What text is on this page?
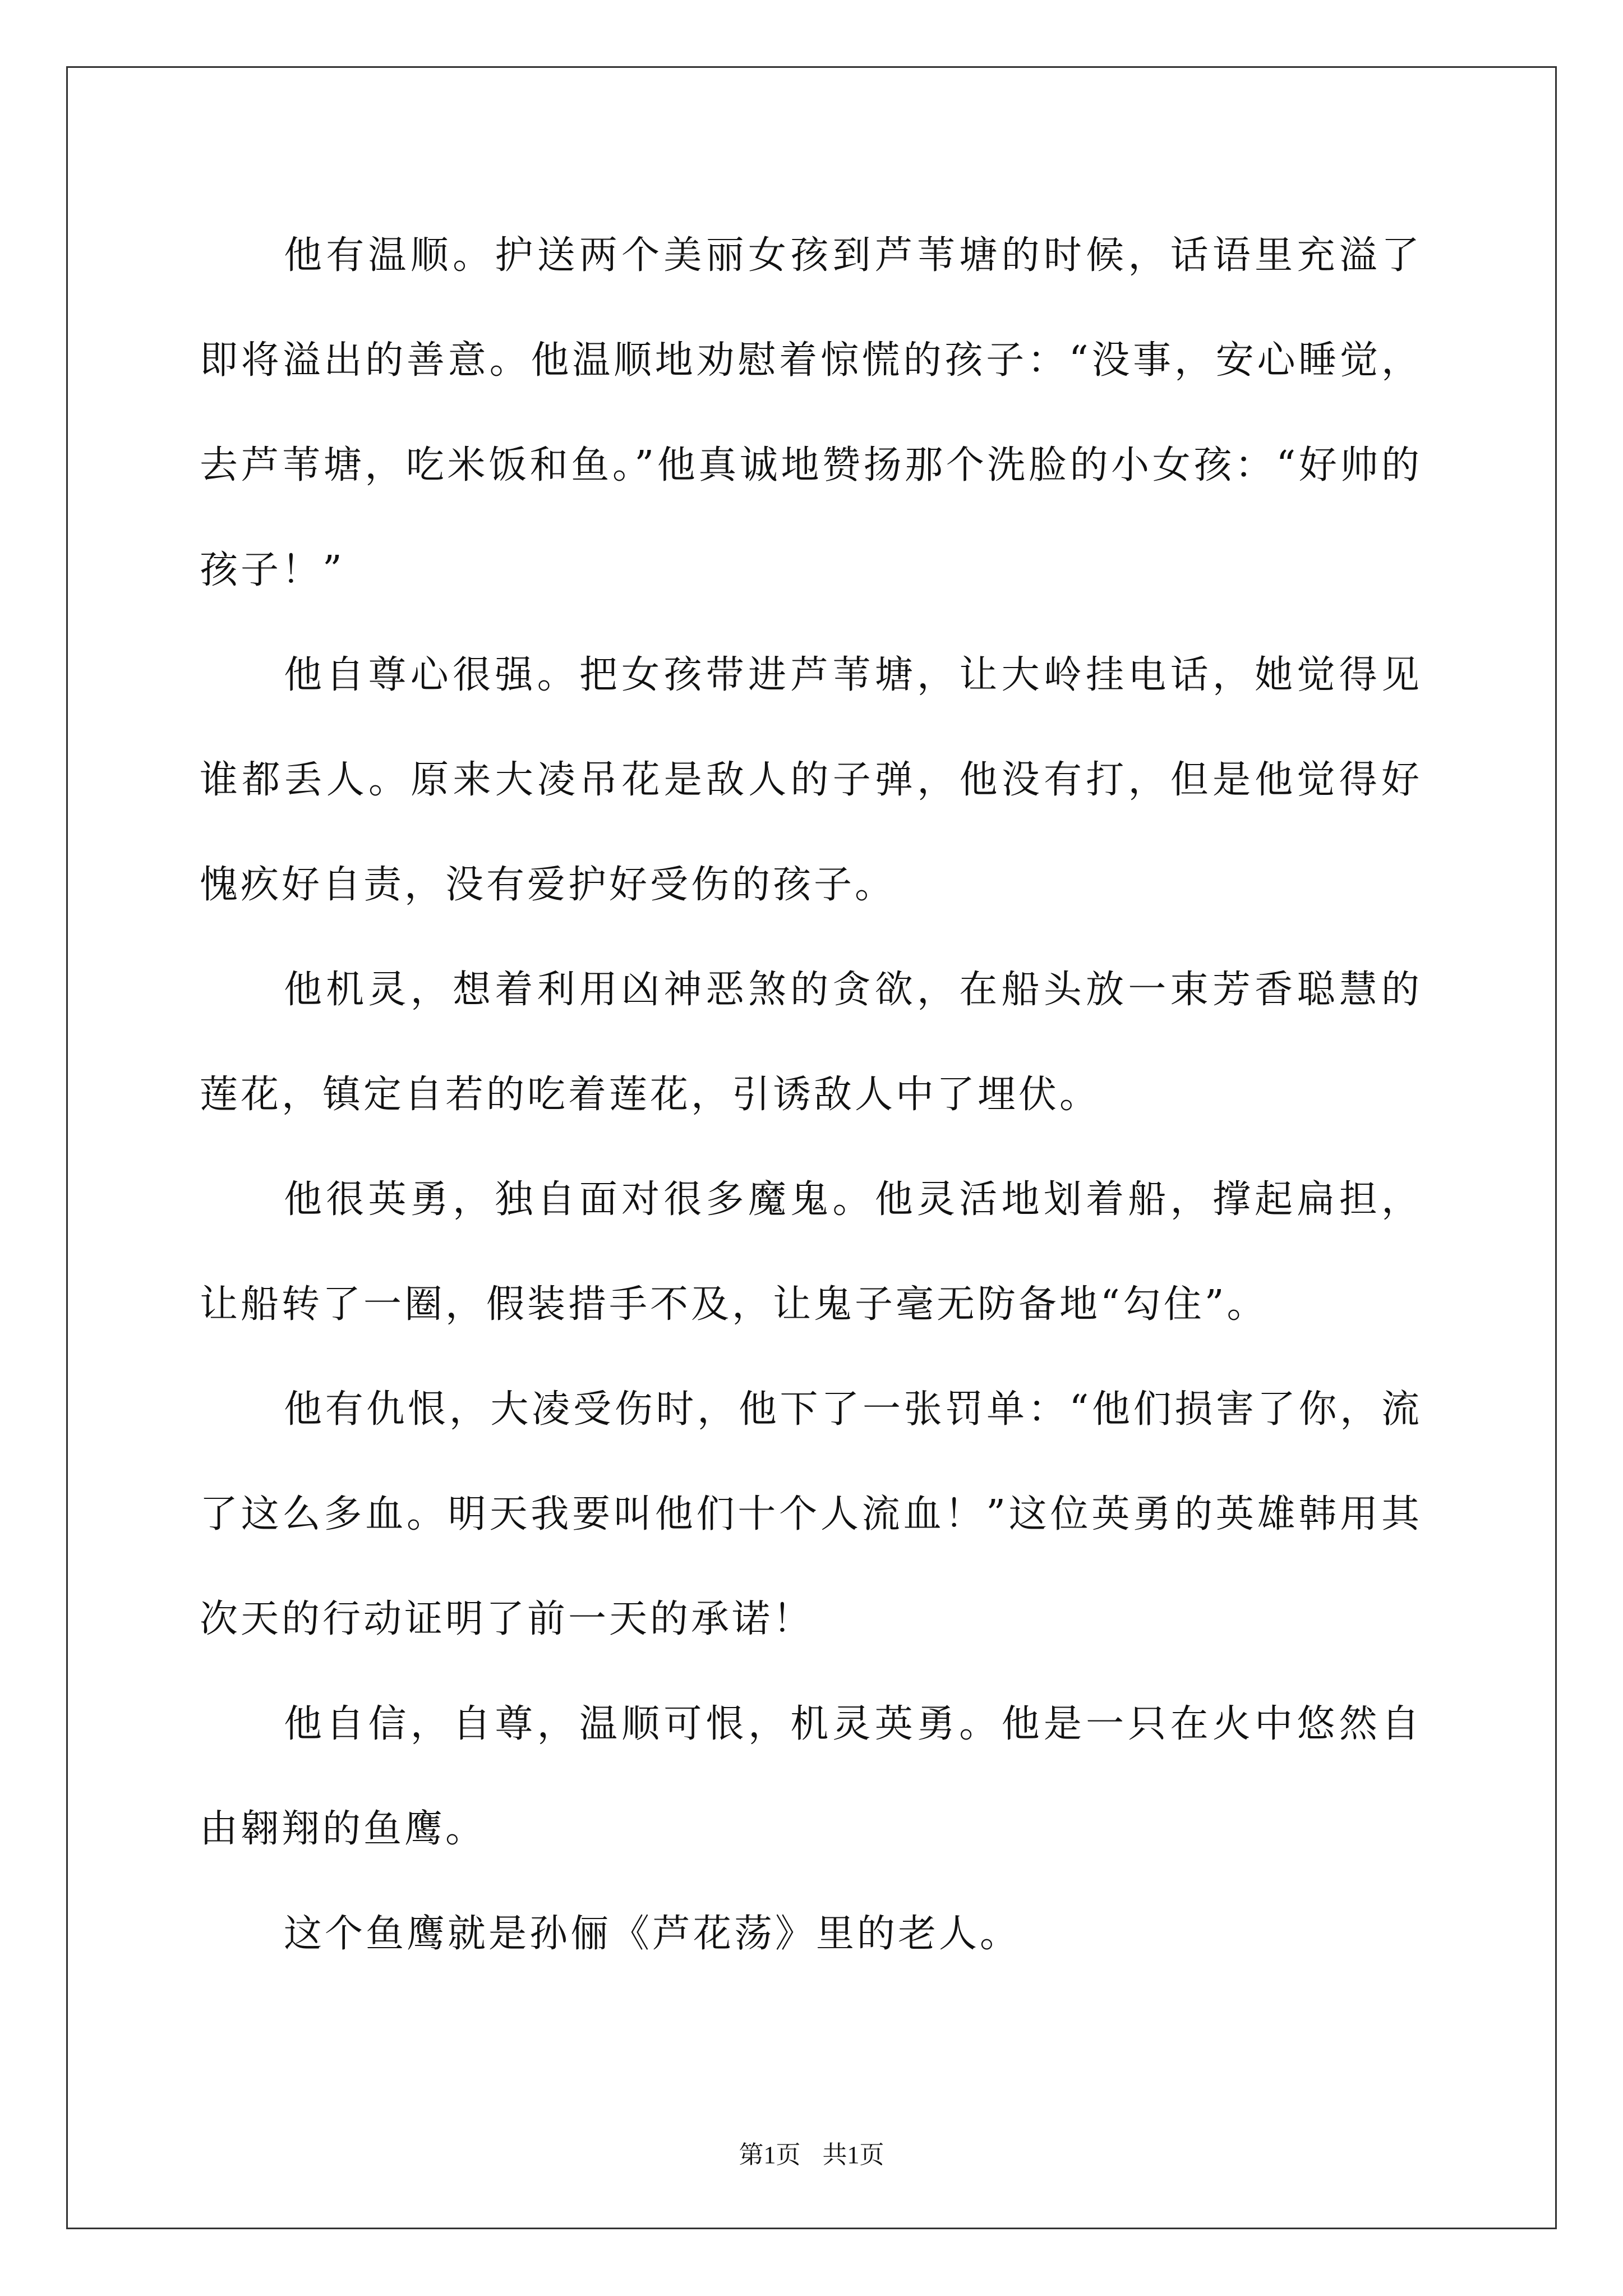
他有温顺。护送两个美丽女孩到芦苇塘的时候，话语里充溢了即将溢出的善意。他温顺地劝慰着惊慌的孩子：“没事，安心睡觉，去芦苇塘，吃米饭和鱼。”他真诚地赞扬那个洗脸的小女孩：“好帅的孩子！”

他自尊心很强。把女孩带进芦苇塘，让大岭挂电话，她觉得见谁都丢人。原来大凌吊花是敌人的子弹，他没有打，但是他觉得好愧疚好自责，没有爱护好受伤的孩子。

他机灵，想着利用凶神恶煞的贪欲，在船头放一束芳香聪慧的莲花，镇定自若的吃着莲花，引诱敌人中了埋伏。

他很英勇，独自面对很多魔鬼。他灵活地划着船，撑起扁担，让船转了一圈，假装措手不及，让鬼子毫无防备地“勾住”。

他有仇恨，大凌受伤时，他下了一张罚单：“他们损害了你，流了这么多血。明天我要叫他们十个人流血！”这位英勇的英雄韩用其次天的行动证明了前一天的承诺！

他自信，自尊，温顺可恨，机灵英勇。他是一只在火中悠然自由翱翔的鱼鹰。

这个鱼鹰就是孙俪《芦花荡》里的老人。

第1页 共1页
